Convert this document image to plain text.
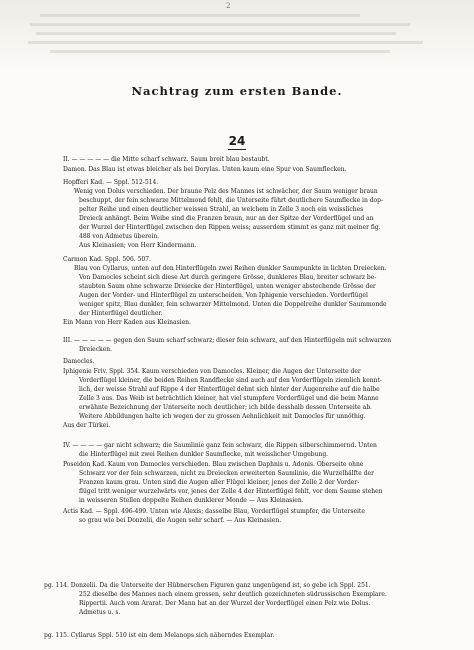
2
Nachtrag zum ersten Bande.
24
II. — — — — — die Mitte scharf schwarz. Saum breit blau bestaubt.
Damon. Das Blau ist etwas bleicher als bei Dorylas. Unten kaum eine Spur von Saumflecken.
Hopfferi Kad. — Sppl. 512-514.
Wenig von Dolus verschieden. Der braune Pelz des Mannes ist schwächer, der Saum weniger braun
beschuppt, der fein schwarze Mittelmond fehlt, die Unterseite führt deutlichere Saumflecke in dop-
pelter Reihe und einen deutlicher weissen Strahl, an welchem in Zelle 3 noch ein weissliches
Dreieck anhängt. Beim Weibe sind die Franzen braun, nur an der Spitze der Vorderflügel und an
der Wurzel der Hinterflügel zwischen den Rippen weiss; ausserdem stimmt es ganz mit meiner fig.
488 von Admetus überein.
Aus Kleinasien; von Herr Kindermann.
Carmon Kad. Sppl. 506. 507.
Blau von Cyllarus, unten auf den Hinterflügeln zwei Reihen dunkler Saumpunkte in lichten Dreiecken.
Von Damocles scheint sich diese Art durch geringere Grösse, dunkleres Blau, breiter schwarz be-
staubten Saum ohne schwarze Dreiecke der Hinterflügel, unten weniger abstechende Grösse der
Augen der Vorder- und Hinterflügel zu unterscheiden. Von Iphigenie verschieden. Vorderflügel
weniger spitz, Blau dunkler, fein schwarzer Mittelmond. Unten die Doppelreihe dunkler Saummonde
der Hinterflügel deutlicher.
Ein Mann von Herr Kaden aus Kleinasien.
III. — — — — — gegen den Saum scharf schwarz; dieser fein schwarz, auf den Hinterflügeln mit schwarzen
Dreiecken.
Damocles.
Iphigenie Friv. Sppl. 354. Kaum verschieden von Damocles. Kleiner, die Augen der Unterseite der
Vorderflügel kleiner, die beiden Reihen Randflecke sind auch auf den Vorderflügeln ziemlich kennt-
lich, der weisse Strahl auf Rippe 4 der Hinterflügel dehnt sich hinter der Augenreihe auf die halbe
Zelle 3 aus. Das Weib ist beträchtlich kleiner, hat viel stumpfere Vorderflügel und die beim Manne
erwähnte Bezeichnung der Unterseite noch deutlicher; ich bilde desshalb dessen Unterseite ab.
Weitere Abbildungen halte ich wegen der zu grossen Aehnlichkeit mit Damocles für unnöthig.
Aus der Türkei.
IV. — — — — gar nicht schwarz; die Saumlinie ganz fein schwarz, die Rippen silberschimmernd. Unten
die Hinterflügel mit zwei Reihen dunkler Saumflecke, mit weisslicher Umgebung.
Poseidon Kad. Kaum von Damocles verschieden. Blau zwischen Daphnis u. Adonis. Oberseite ohne
Schwarz vor der fein schwarzen, nicht zu Dreiecken erweiterten Saumlinie, die Wurzelhälfte der
Franzen kaum grau. Unten sind die Augen aller Flügel kleiner, jenes der Zelle 2 der Vorder-
flügel tritt weniger wurzelwärts vor, jenes der Zelle 4 der Hinterflügel fehlt, vor dem Saume stehen
in weisseren Stellen doppelte Reihen dunklerer Monde — Aus Kleinasien.
Actis Kad. — Sppl. 496-499. Unten wie Alexis; dasselbe Blau, Vorderflügel stumpfer, die Unterseite
so grau wie bei Donzelii, die Augen sehr scharf. — Aus Kleinasien.
pg. 114. Donzelii. Da die Unterseite der Hübnerschen Figuren ganz ungenügend ist, so gebe ich Sppl. 251.
252 dieselbe des Mannes nach einem grossen, sehr deutlich gezeichneten südrussischen Exemplare.
Rippertii. Auch vom Ararat. Der Mann hat an der Wurzel der Vorderflügel einen Pelz wie Dolus.
Admetus u. s.
pg. 115. Cyllarus Sppl. 510 ist ein dem Melanops sich näherndes Exemplar.
